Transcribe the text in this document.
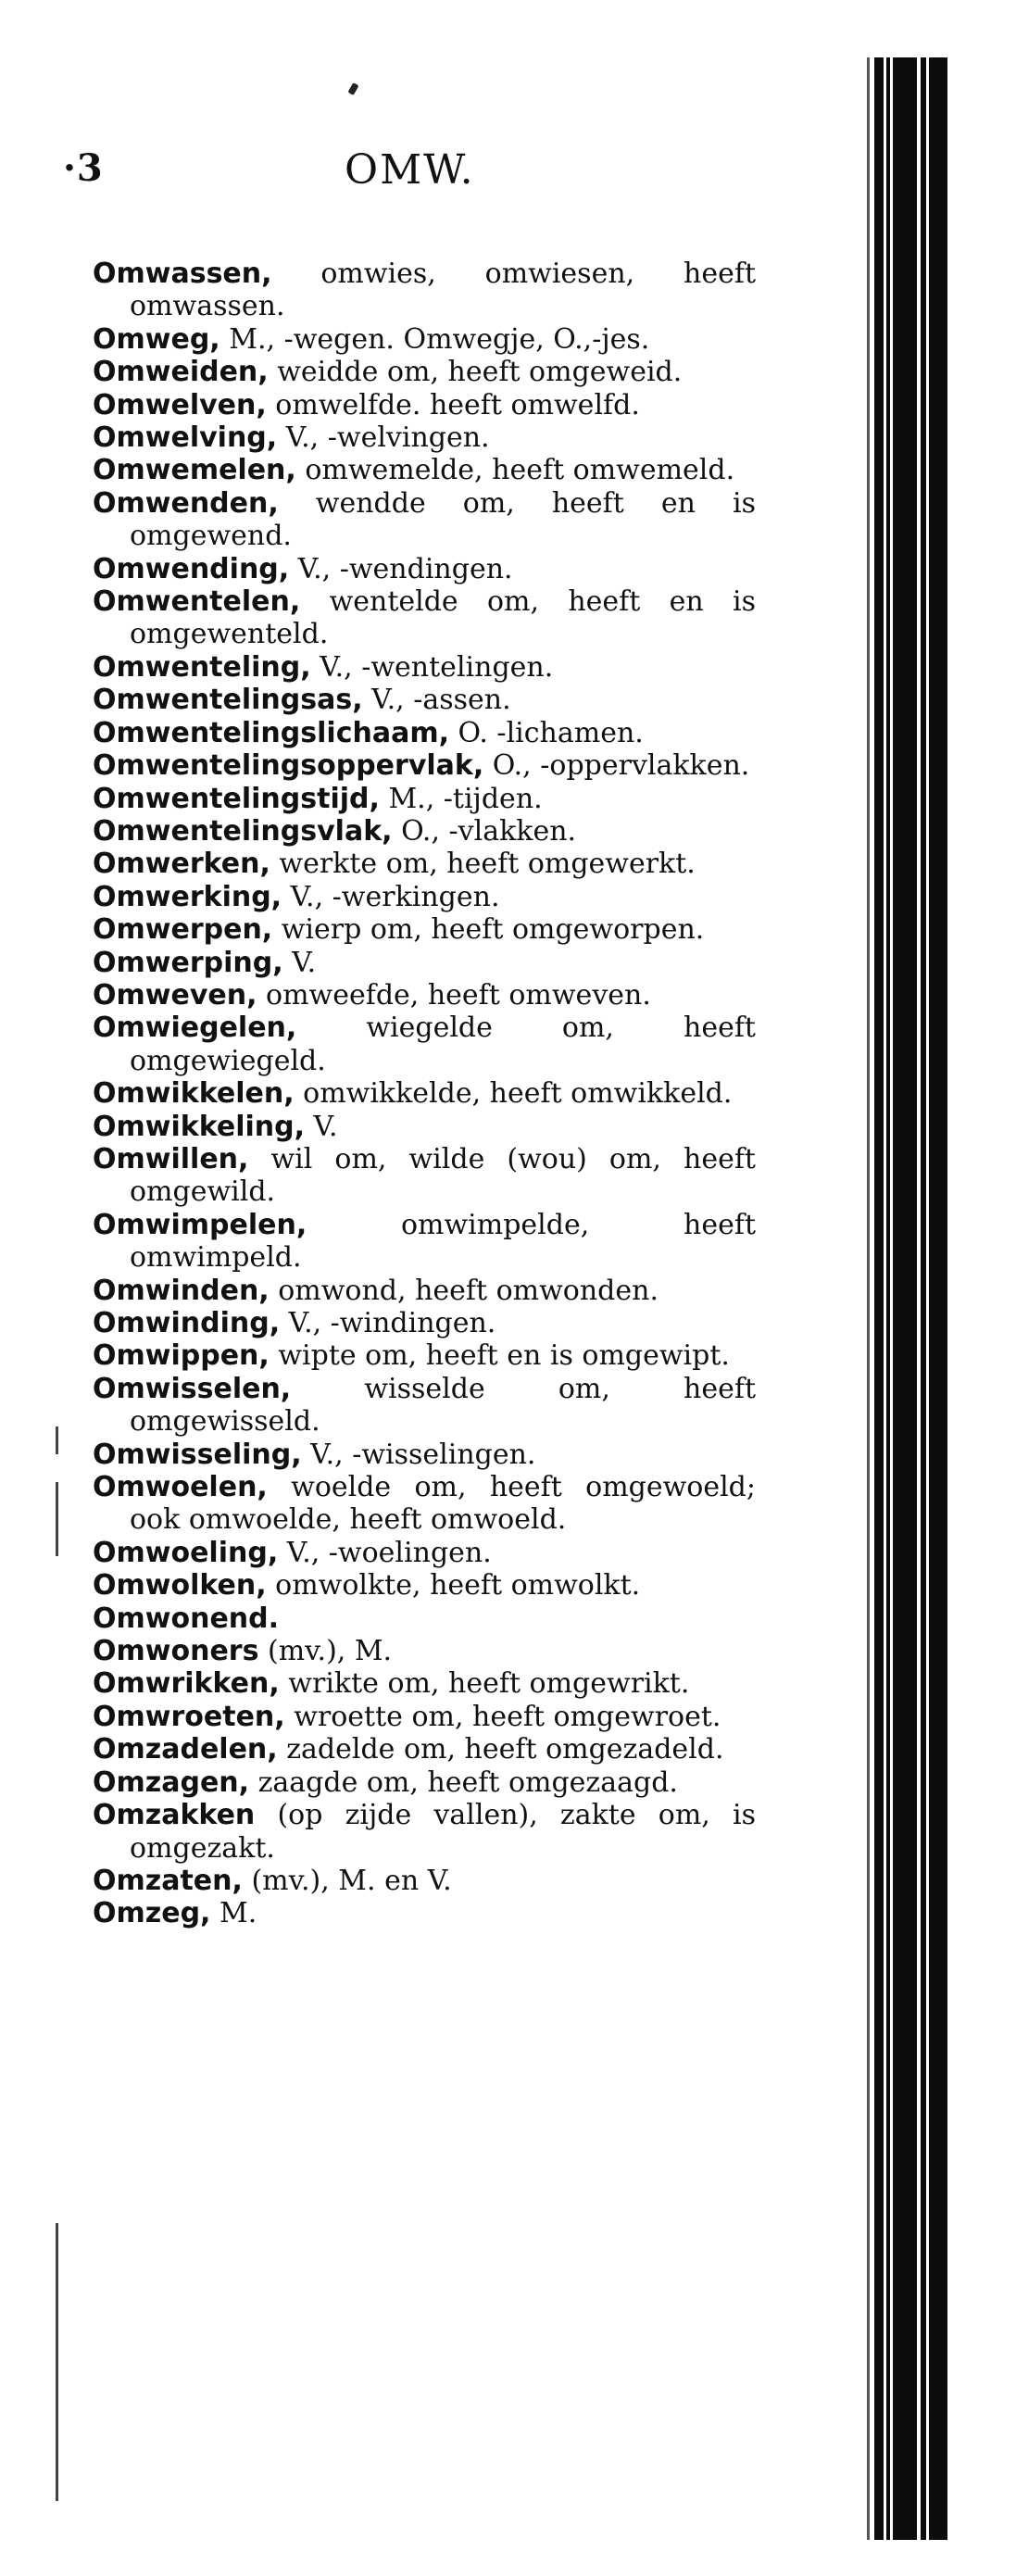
·3	OMW.
Omwassen, omwies, omwiesen, heeft omwassen.
Omweg, M., -wegen. Omwegje, O.,-jes.
Omweiden, weidde om, heeft omgeweid.
Omwelven, omwelfde. heeft omwelfd.
Omwelving, V., -welvingen.
Omwemelen, omwemelde, heeft omwemeld.
Omwenden, wendde om, heeft en is omgewend.
Omwending, V., -wendingen.
Omwentelen, wentelde om, heeft en is omgewenteld.
Omwenteling, V., -wentelingen.
Omwentelingsas, V., -assen.
Omwentelingslichaam, O. -lichamen.
Omwentelingsoppervlak, O., -oppervlakken.
Omwentelingstijd, M., -tijden.
Omwentelingsvlak, O., -vlakken.
Omwerken, werkte om, heeft omgewerkt.
Omwerking, V., -werkingen.
Omwerpen, wierp om, heeft omgeworpen.
Omwerping, V.
Omweven, omweefde, heeft omweven.
Omwiegelen, wiegelde om, heeft omgewiegeld.
Omwikkelen, omwikkelde, heeft omwikkeld.
Omwikkeling, V.
Omwillen, wil om, wilde (wou) om, heeft omgewild.
Omwimpelen, omwimpelde, heeft omwimpeld.
Omwinden, omwond, heeft omwonden.
Omwinding, V., -windingen.
Omwippen, wipte om, heeft en is omgewipt.
Omwisselen, wisselde om, heeft omgewisseld.
Omwisseling, V., -wisselingen.
Omwoelen, woelde om, heeft omgewoeld; ook omwoelde, heeft omwoeld.
Omwoeling, V., -woelingen.
Omwolken, omwolkte, heeft omwolkt.
Omwonend.
Omwoners (mv.), M.
Omwrikken, wrikte om, heeft omgewrikt.
Omwroeten, wroette om, heeft omgewroet.
Omzadelen, zadelde om, heeft omgezadeld.
Omzagen, zaagde om, heeft omgezaagd.
Omzakken (op zijde vallen), zakte om, is omgezakt.
Omzaten, (mv.), M. en V.
Omzeg, M.
